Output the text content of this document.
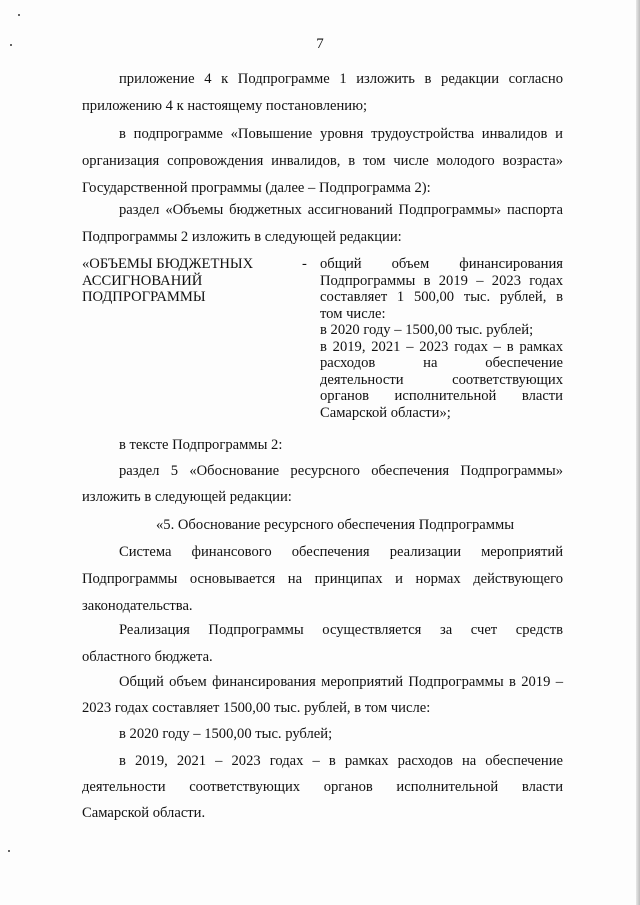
7
приложение 4 к Подпрограмме 1 изложить в редакции согласно
приложению 4 к настоящему постановлению;
в подпрограмме «Повышение уровня трудоустройства инвалидов и
организация сопровождения инвалидов, в том числе молодого возраста»
Государственной программы (далее – Подпрограмма 2):
раздел «Объемы бюджетных ассигнований Подпрограммы» паспорта
Подпрограммы 2 изложить в следующей редакции:
«ОБЪЕМЫ БЮДЖЕТНЫХ
АССИГНОВАНИЙ
ПОДПРОГРАММЫ
- общий объем финансирования
Подпрограммы в 2019 – 2023 годах
составляет 1 500,00 тыс. рублей, в
том числе:
в 2020 году – 1500,00 тыс. рублей;
в 2019, 2021 – 2023 годах – в рамках
расходов на обеспечение
деятельности соответствующих
органов исполнительной власти
Самарской области»;
в тексте Подпрограммы 2:
раздел 5 «Обоснование ресурсного обеспечения Подпрограммы»
изложить в следующей редакции:
«5. Обоснование ресурсного обеспечения Подпрограммы
Система финансового обеспечения реализации мероприятий
Подпрограммы основывается на принципах и нормах действующего
законодательства.
Реализация Подпрограммы осуществляется за счет средств
областного бюджета.
Общий объем финансирования мероприятий Подпрограммы в 2019 –
2023 годах составляет 1500,00 тыс. рублей, в том числе:
в 2020 году – 1500,00 тыс. рублей;
в 2019, 2021 – 2023 годах – в рамках расходов на обеспечение
деятельности соответствующих органов исполнительной власти
Самарской области.
